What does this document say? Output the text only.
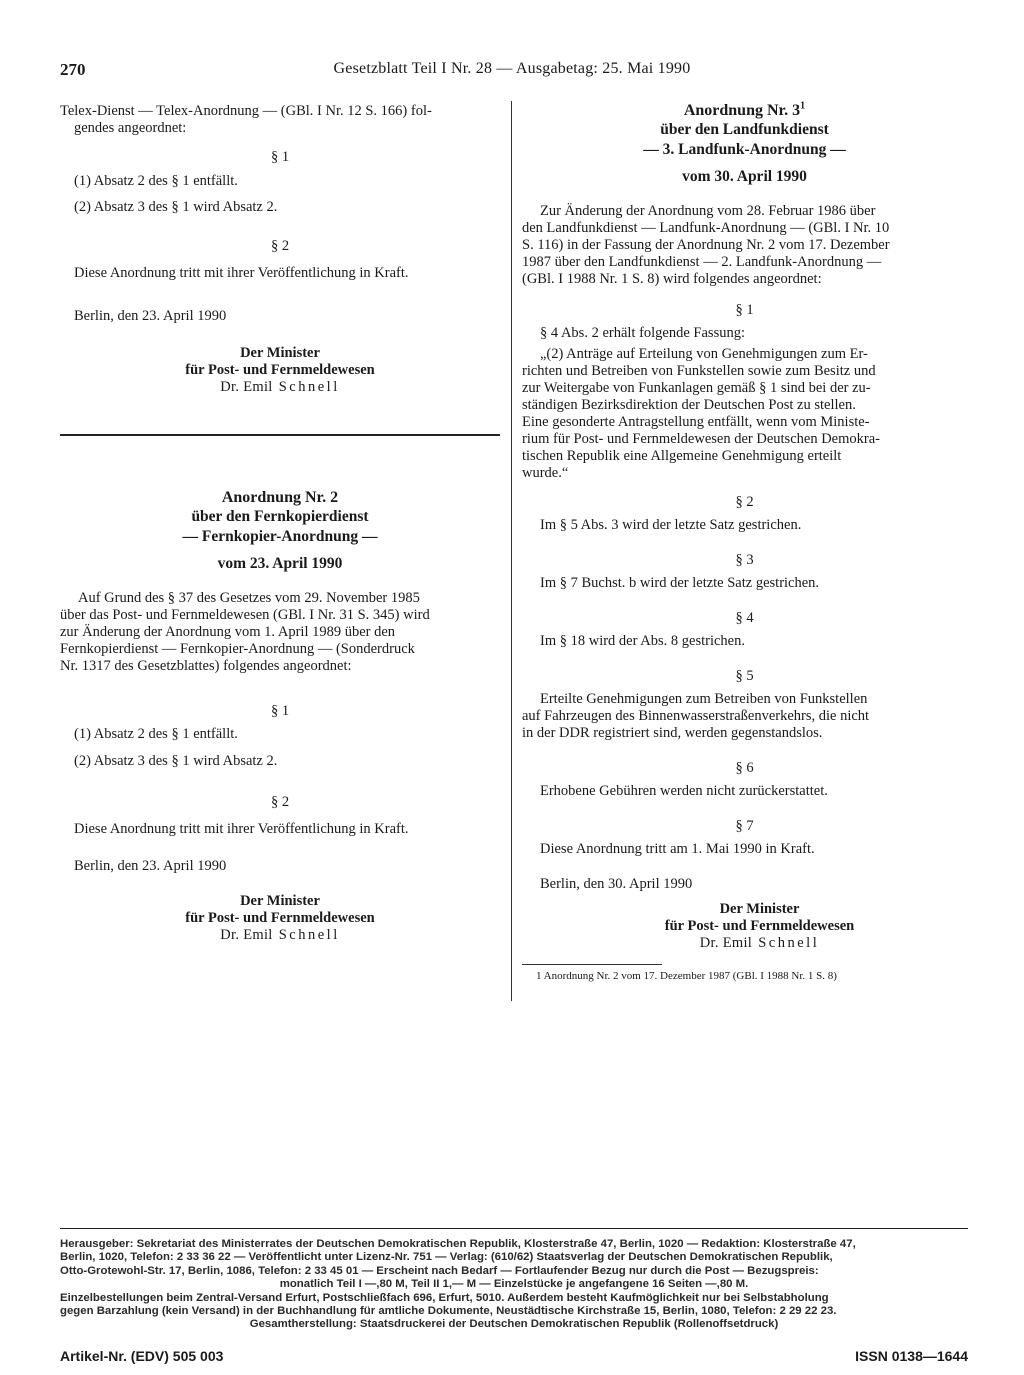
270	Gesetzblatt Teil I Nr. 28 — Ausgabetag: 25. Mai 1990

Telex-Dienst — Telex-Anordnung — (GBl. I Nr. 12 S. 166) fol-

gendes angeordnet:

§ 1

(1) Absatz 2 des § 1 entfällt.

(2) Absatz 3 des § 1 wird Absatz 2.

§ 2

Diese Anordnung tritt mit ihrer Veröffentlichung in Kraft.

Berlin, den 23. April 1990

Der Minister
für Post- und Fernmeldewesen
Dr. Emil Schnell
Anordnung Nr. 2
über den Fernkopierdienst
— Fernkopier-Anordnung —
vom 23. April 1990

Auf Grund des § 37 des Gesetzes vom 29. November 1985

über das Post- und Fernmeldewesen (GBl. I Nr. 31 S. 345) wird

zur Änderung der Anordnung vom 1. April 1989 über den

Fernkopierdienst — Fernkopier-Anordnung — (Sonderdruck

Nr. 1317 des Gesetzblattes) folgendes angeordnet:

§ 1

(1) Absatz 2 des § 1 entfällt.

(2) Absatz 3 des § 1 wird Absatz 2.

§ 2

Diese Anordnung tritt mit ihrer Veröffentlichung in Kraft.

Berlin, den 23. April 1990

Der Minister
für Post- und Fernmeldewesen
Dr. Emil Schnell
Anordnung Nr. $3^1$
über den Landfunkdienst
— 3. Landfunk-Anordnung —
vom 30. April 1990

Zur Änderung der Anordnung vom 28. Februar 1986 über

den Landfunkdienst — Landfunk-Anordnung — (GBl. I Nr. 10

S. 116) in der Fassung der Anordnung Nr. 2 vom 17. Dezember

1987 über den Landfunkdienst — 2. Landfunk-Anordnung —

(GBl. I 1988 Nr. 1 S. 8) wird folgendes angeordnet:

§ 1

§ 4 Abs. 2 erhält folgende Fassung:

„(2) Anträge auf Erteilung von Genehmigungen zum Er-

richten und Betreiben von Funkstellen sowie zum Besitz und

zur Weitergabe von Funkanlagen gemäß § 1 sind bei der zu-

ständigen Bezirksdirektion der Deutschen Post zu stellen.

Eine gesonderte Antragstellung entfällt, wenn vom Ministe-

rium für Post- und Fernmeldewesen der Deutschen Demokra-

tischen Republik eine Allgemeine Genehmigung erteilt

wurde.“

§ 2

Im § 5 Abs. 3 wird der letzte Satz gestrichen.

§ 3

Im § 7 Buchst. b wird der letzte Satz gestrichen.

§ 4

Im § 18 wird der Abs. 8 gestrichen.

§ 5

Erteilte Genehmigungen zum Betreiben von Funkstellen

auf Fahrzeugen des Binnenwasserstraßenverkehrs, die nicht

in der DDR registriert sind, werden gegenstandslos.

§ 6

Erhobene Gebühren werden nicht zurückerstattet.

§ 7

Diese Anordnung tritt am 1. Mai 1990 in Kraft.

Berlin, den 30. April 1990

Der Minister
für Post- und Fernmeldewesen
Dr. Emil Schnell
1 Anordnung Nr. 2 vom 17. Dezember 1987 (GBl. I 1988 Nr. 1 S. 8)
Herausgeber: Sekretariat des Ministerrates der Deutschen Demokratischen Republik, Klosterstraße 47, Berlin, 1020 — Redaktion: Klosterstraße 47,
Berlin, 1020, Telefon: 2 33 36 22 — Veröffentlicht unter Lizenz-Nr. 751 — Verlag: (610/62) Staatsverlag der Deutschen Demokratischen Republik,
Otto-Grotewohl-Str. 17, Berlin, 1086, Telefon: 2 33 45 01 — Erscheint nach Bedarf — Fortlaufender Bezug nur durch die Post — Bezugspreis:
monatlich Teil I —,80 M, Teil II 1,— M — Einzelstücke je angefangene 16 Seiten —,80 M.
Einzelbestellungen beim Zentral-Versand Erfurt, Postschließfach 696, Erfurt, 5010. Außerdem besteht Kaufmöglichkeit nur bei Selbstabholung
gegen Barzahlung (kein Versand) in der Buchhandlung für amtliche Dokumente, Neustädtische Kirchstraße 15, Berlin, 1080, Telefon: 2 29 22 23.
Gesamtherstellung: Staatsdruckerei der Deutschen Demokratischen Republik (Rollenoffsetdruck)
Artikel-Nr. (EDV) 505 003	ISSN 0138—1644
